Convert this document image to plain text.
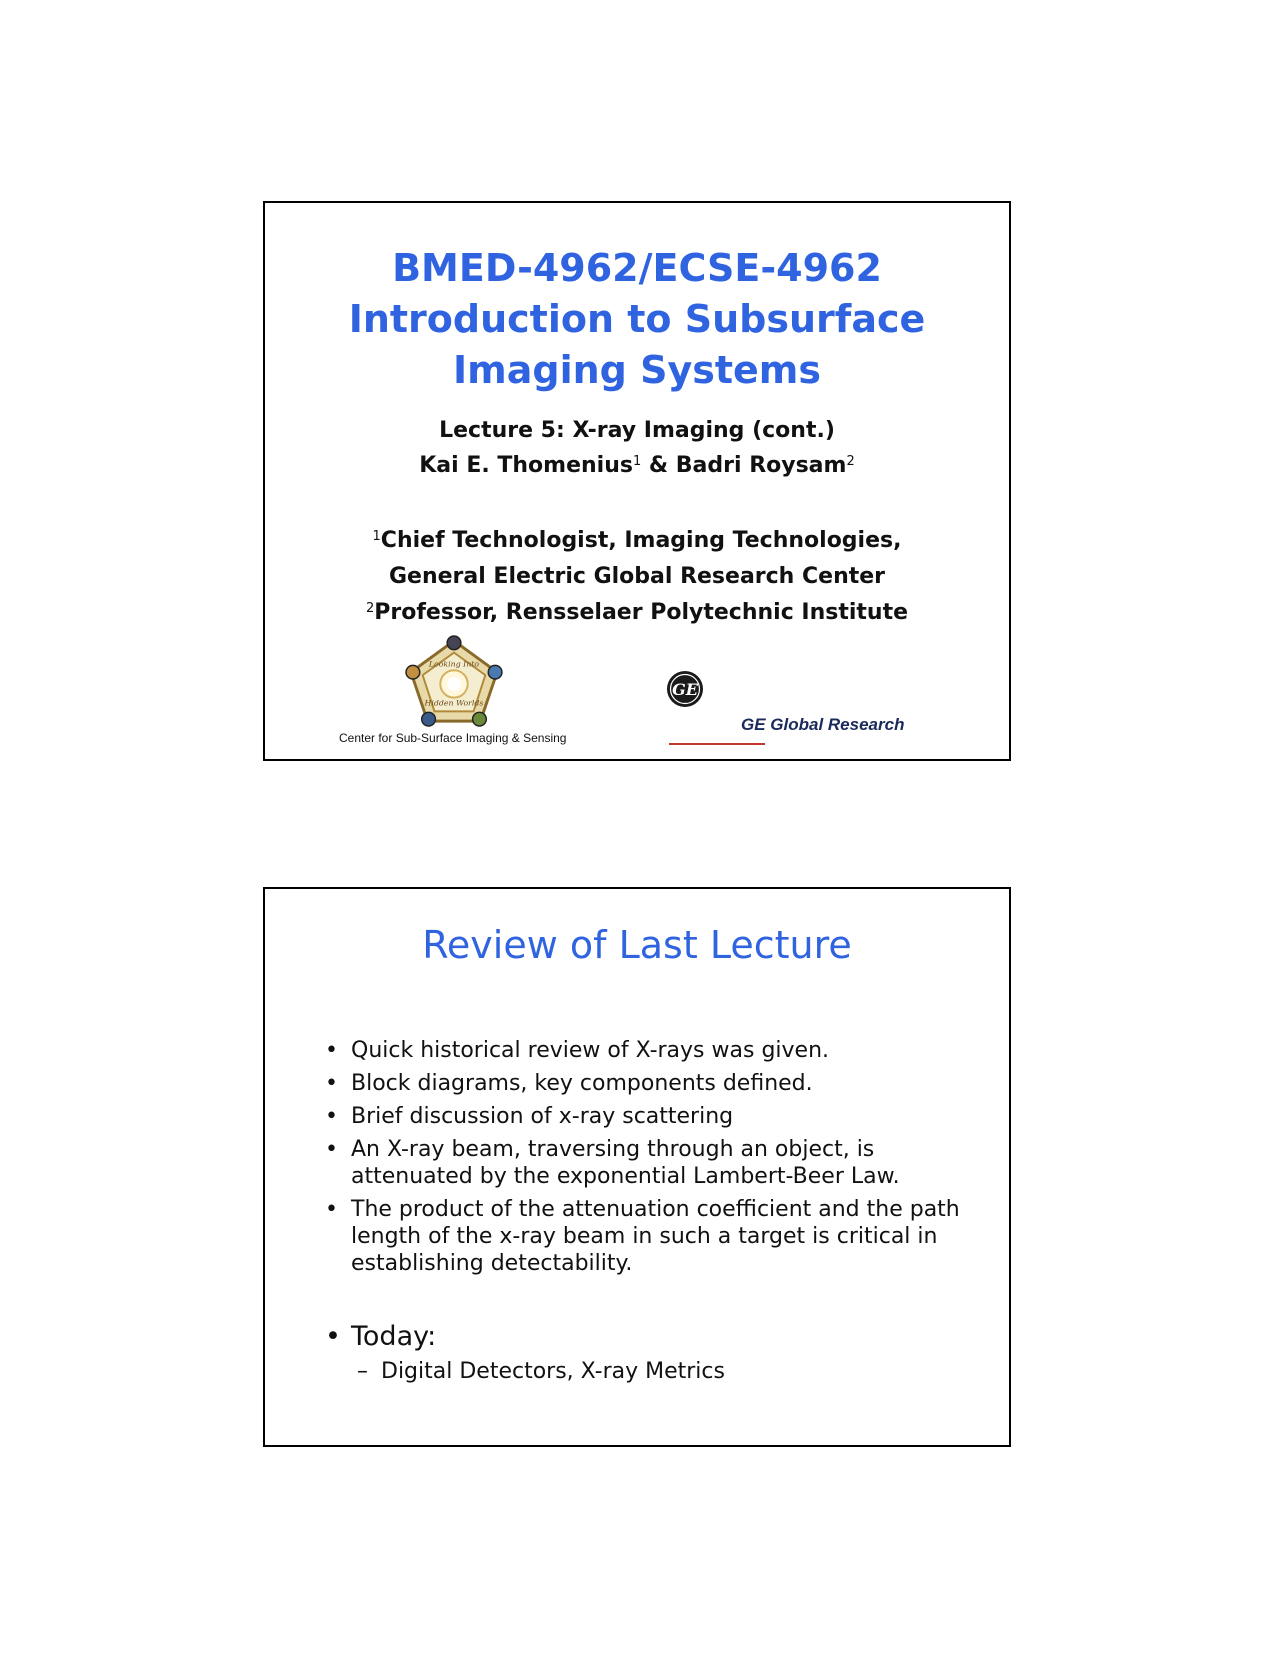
BMED-4962/ECSE-4962
Introduction to Subsurface
Imaging Systems
Lecture 5: X-ray Imaging (cont.)
Kai E. Thomenius$^1$ & Badri Roysam$^2$
$^1$Chief Technologist, Imaging Technologies,
General Electric Global Research Center
$^2$Professor, Rensselaer Polytechnic Institute
Looking Into
Hidden Worlds
Center for Sub-Surface Imaging & Sensing
GE
GE Global Research
Review of Last Lecture
• Quick historical review of X-rays was given.
• Block diagrams, key components defined.
• Brief discussion of x-ray scattering
• An X-ray beam, traversing through an object, is attenuated by the exponential Lambert-Beer Law.
• The product of the attenuation coefficient and the path length of the x-ray beam in such a target is critical in establishing detectability.
• Today:
– Digital Detectors, X-ray Metrics
